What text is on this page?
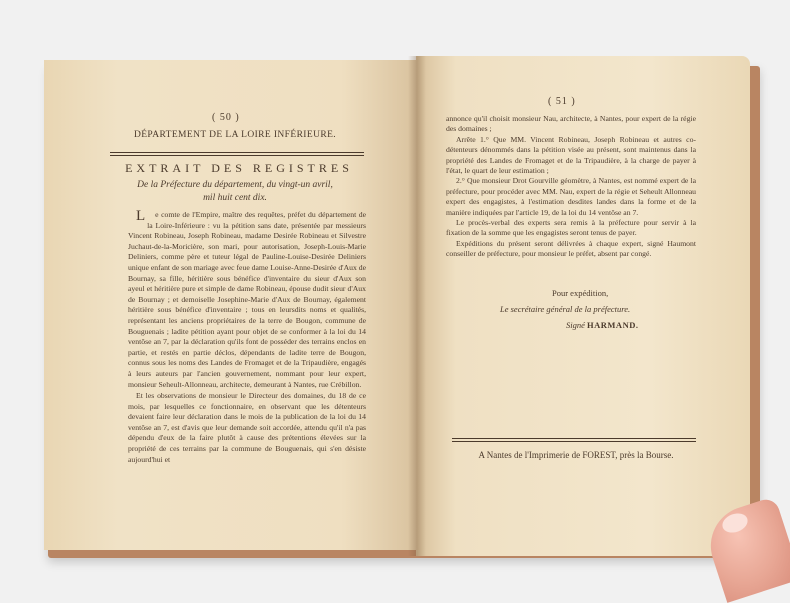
( 50 )
DÉPARTEMENT DE LA LOIRE INFÉRIEURE.
EXTRAIT DES REGISTRES
De la Préfecture du département, du vingt-un avril,
mil huit cent dix.

L e comte de l'Empire, maître des requêtes, préfet du département de la Loire-Inférieure : vu la pétition sans date, présentée par messieurs Vincent Robineau, Joseph Robineau, madame Desirée Robineau et Silvestre Juchaut-de-la-Moricière, son mari, pour autorisation, Joseph-Louis-Marie Deliniers, comme père et tuteur légal de Pauline-Louise-Desirée Deliniers unique enfant de son mariage avec feue dame Louise-Anne-Desirée d'Aux de Bournay, sa fille, héritière sous bénéfice d'inventaire du sieur d'Aux son ayeul et héritière pure et simple de dame Robineau, épouse dudit sieur d'Aux de Bournay ; et demoiselle Josephine-Marie d'Aux de Bournay, également héritière sous bénéfice d'inventaire ; tous en leursdits noms et qualités, représentant les anciens propriétaires de la terre de Bougon, commune de Bouguenais ; ladite pétition ayant pour objet de se conformer à la loi du 14 ventôse an 7, par la déclaration qu'ils font de posséder des terrains enclos en partie, et restés en partie déclos, dépendants de ladite terre de Bougon, connus sous les noms des Landes de Fromaget et de la Tripaudière, engagés à leurs auteurs par l'ancien gouvernement, nommant pour leur expert, monsieur Seheult-Allonneau, architecte, demeurant à Nantes, rue Crébillon.

Et les observations de monsieur le Directeur des domaines, du 18 de ce mois, par lesquelles ce fonctionnaire, en observant que les détenteurs devaient faire leur déclaration dans le mois de la publication de la loi du 14 ventôse an 7, est d'avis que leur demande soit accordée, attendu qu'il n'a pas dépendu d'eux de la faire plutôt à cause des prétentions élevées sur la propriété de ces terrains par la commune de Bouguenais, qui s'en désiste aujourd'hui et

( 51 )

annonce qu'il choisit monsieur Nau, architecte, à Nantes, pour expert de la régie des domaines ;

Arrête 1.° Que MM. Vincent Robineau, Joseph Robineau et autres co-détenteurs dénommés dans la pétition visée au présent, sont maintenus dans la propriété des Landes de Fromaget et de la Tripaudière, à la charge de payer à l'état, le quart de leur estimation ;

2.° Que monsieur Drot Gourville géomètre, à Nantes, est nommé expert de la préfecture, pour procéder avec MM. Nau, expert de la régie et Seheult Allonneau expert des engagistes, à l'estimation desdites landes dans la forme et de la manière indiquées par l'article 19, de la loi du 14 ventôse an 7.

Le procès-verbal des experts sera remis à la préfecture pour servir à la fixation de la somme que les engagistes seront tenus de payer.

Expéditions du présent seront délivrées à chaque expert, signé Haumont conseiller de préfecture, pour monsieur le préfet, absent par congé.

Pour expédition,
Le secrétaire général de la préfecture.
Signé HARMAND.
A Nantes de l'Imprimerie de FOREST, près la Bourse.
